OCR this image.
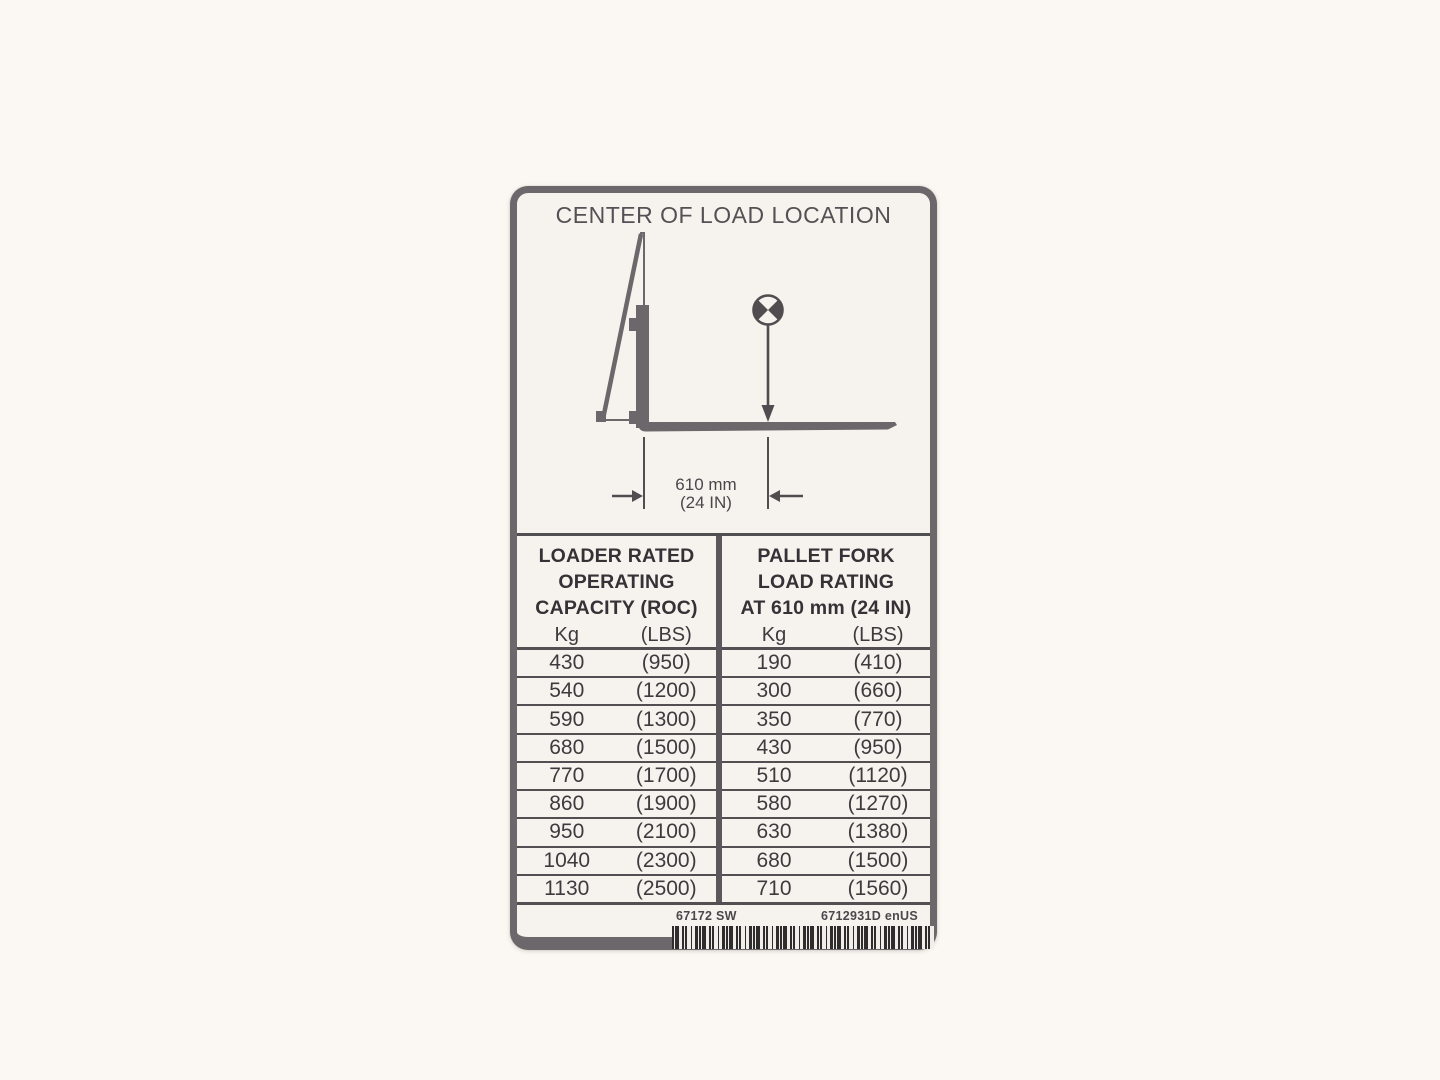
CENTER OF LOAD LOCATION
610 mm
(24 IN)
LOADER RATED
OPERATING
CAPACITY (ROC)
Kg	(LBS)
430	(950)
540	(1200)
590	(1300)
680	(1500)
770	(1700)
860	(1900)
950	(2100)
1040	(2300)
1130	(2500)
PALLET FORK
LOAD RATING
AT 610 mm (24 IN)
Kg	(LBS)
190	(410)
300	(660)
350	(770)
430	(950)
510	(1120)
580	(1270)
630	(1380)
680	(1500)
710	(1560)
67172 SW	6712931D enUS
